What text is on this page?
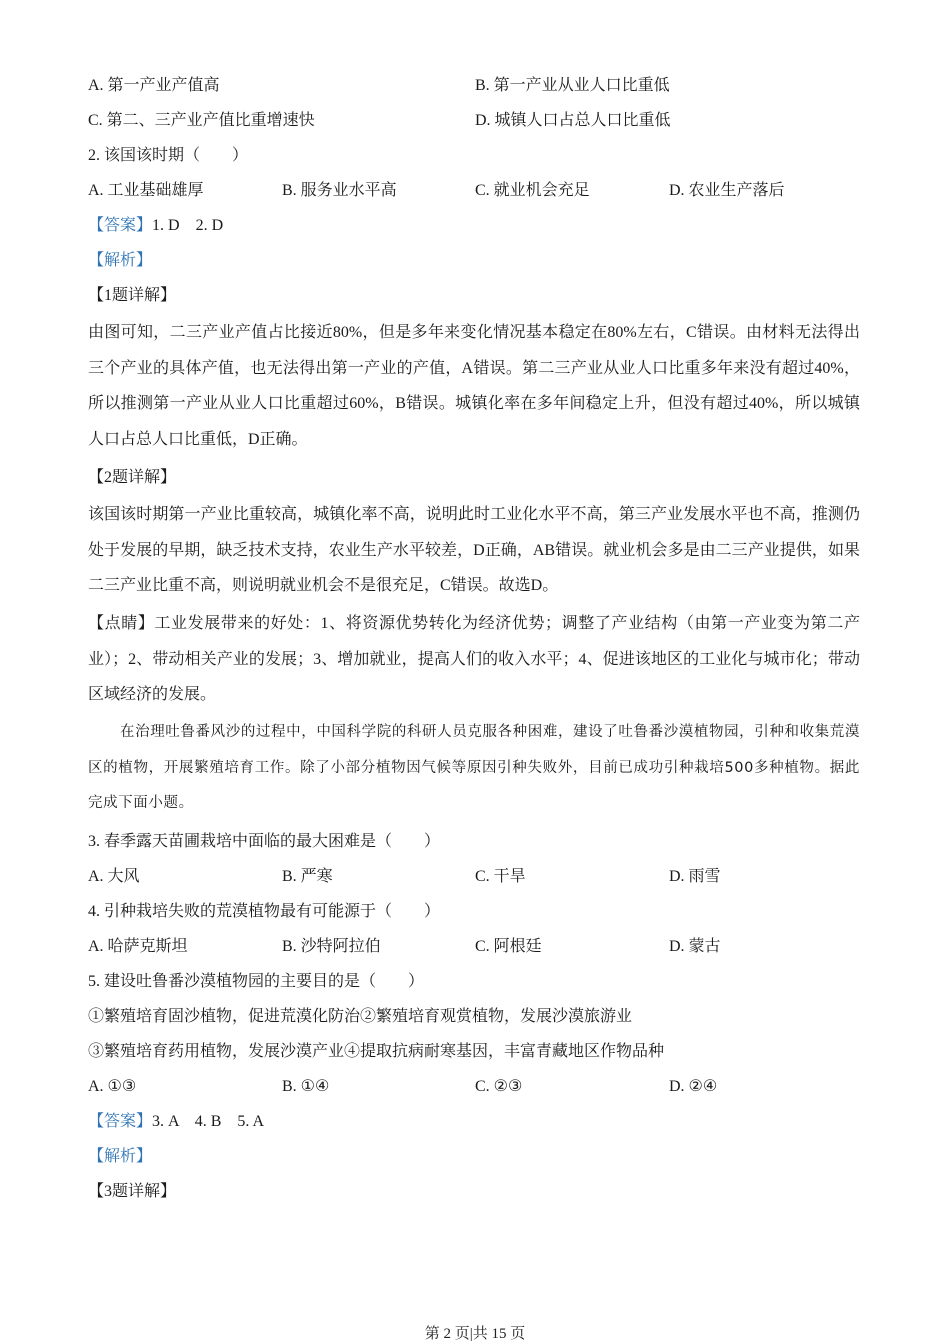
A. 第一产业产值高	B. 第一产业从业人口比重低
C. 第二、三产业产值比重增速快	D. 城镇人口占总人口比重低
2. 该国该时期（　　）
A. 工业基础雄厚	B. 服务业水平高	C. 就业机会充足	D. 农业生产落后
【答案】1. D　2. D
【解析】
【1题详解】
由图可知，二三产业产值占比接近80%，但是多年来变化情况基本稳定在80%左右，C错误。由材料无法得出三个产业的具体产值，也无法得出第一产业的产值，A错误。第二三产业从业人口比重多年来没有超过40%，所以推测第一产业从业人口比重超过60%，B错误。城镇化率在多年间稳定上升，但没有超过40%，所以城镇人口占总人口比重低，D正确。
【2题详解】
该国该时期第一产业比重较高，城镇化率不高，说明此时工业化水平不高，第三产业发展水平也不高，推测仍处于发展的早期，缺乏技术支持，农业生产水平较差，D正确，AB错误。就业机会多是由二三产业提供，如果二三产业比重不高，则说明就业机会不是很充足，C错误。故选D。
【点睛】工业发展带来的好处：1、将资源优势转化为经济优势；调整了产业结构（由第一产业变为第二产业）；2、带动相关产业的发展；3、增加就业，提高人们的收入水平；4、促进该地区的工业化与城市化；带动区域经济的发展。
在治理吐鲁番风沙的过程中，中国科学院的科研人员克服各种困难，建设了吐鲁番沙漠植物园，引种和收集荒漠区的植物，开展繁殖培育工作。除了小部分植物因气候等原因引种失败外，目前已成功引种栽培500多种植物。据此完成下面小题。
3. 春季露天苗圃栽培中面临的最大困难是（　　）
A. 大风	B. 严寒	C. 干旱	D. 雨雪
4. 引种栽培失败的荒漠植物最有可能源于（　　）
A. 哈萨克斯坦	B. 沙特阿拉伯	C. 阿根廷	D. 蒙古
5. 建设吐鲁番沙漠植物园的主要目的是（　　）
①繁殖培育固沙植物，促进荒漠化防治②繁殖培育观赏植物，发展沙漠旅游业
③繁殖培育药用植物，发展沙漠产业④提取抗病耐寒基因，丰富青藏地区作物品种
A. ①③	B. ①④	C. ②③	D. ②④
【答案】3. A　4. B　5. A
【解析】
【3题详解】
第 2 页|共 15 页
